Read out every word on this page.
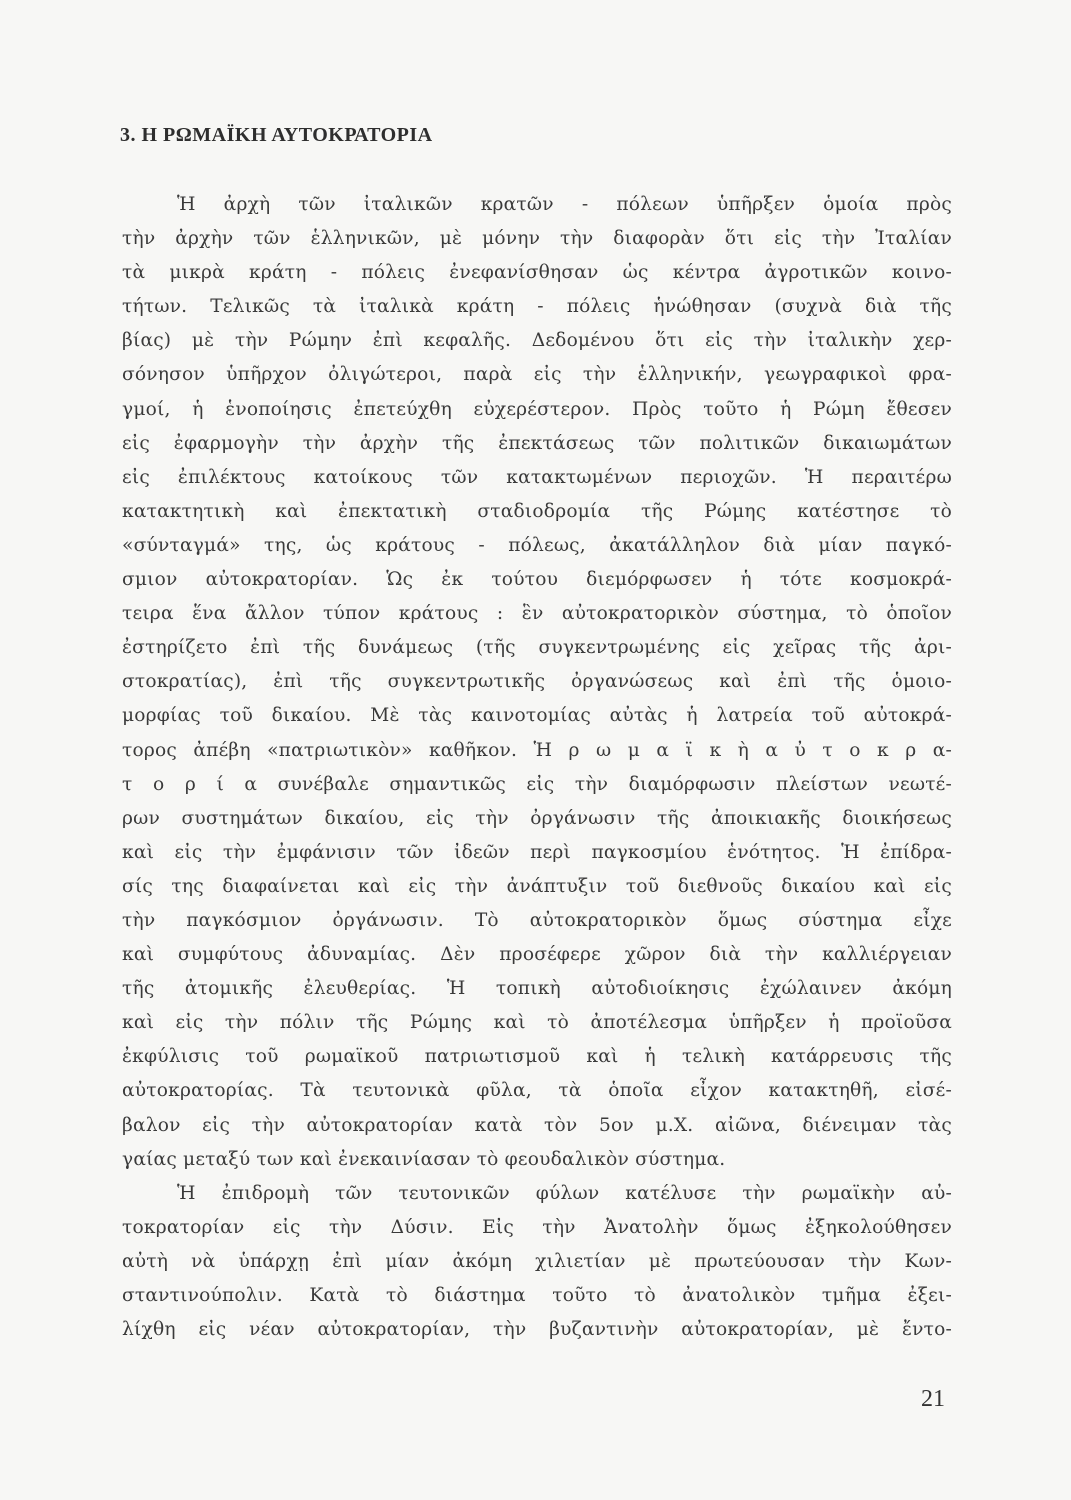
3. Η ΡΩΜΑΪΚΗ ΑΥΤΟΚΡΑΤΟΡΙΑ
Ἡ ἀρχὴ τῶν ἰταλικῶν κρατῶν - πόλεων ὑπῆρξεν ὁμοία πρὸς
τὴν ἀρχὴν τῶν ἑλληνικῶν, μὲ μόνην τὴν διαφορὰν ὅτι εἰς τὴν Ἰταλίαν
τὰ μικρὰ κράτη - πόλεις ἐνεφανίσθησαν ὡς κέντρα ἀγροτικῶν κοινο-
τήτων. Τελικῶς τὰ ἰταλικὰ κράτη - πόλεις ἡνώθησαν (συχνὰ διὰ τῆς
βίας) μὲ τὴν Ρώμην ἐπὶ κεφαλῆς. Δεδομένου ὅτι εἰς τὴν ἰταλικὴν χερ-
σόνησον ὑπῆρχον ὀλιγώτεροι, παρὰ εἰς τὴν ἑλληνικήν, γεωγραφικοὶ φρα-
γμοί, ἡ ἑνοποίησις ἐπετεύχθη εὐχερέστερον. Πρὸς τοῦτο ἡ Ρώμη ἔθεσεν
εἰς ἐφαρμογὴν τὴν ἀρχὴν τῆς ἐπεκτάσεως τῶν πολιτικῶν δικαιωμάτων
εἰς ἐπιλέκτους κατοίκους τῶν κατακτωμένων περιοχῶν. Ἡ περαιτέρω
κατακτητικὴ καὶ ἐπεκτατικὴ σταδιοδρομία τῆς Ρώμης κατέστησε τὸ
«σύνταγμά» της, ὡς κράτους - πόλεως, ἀκατάλληλον διὰ μίαν παγκό-
σμιον αὐτοκρατορίαν. Ὡς ἐκ τούτου διεμόρφωσεν ἡ τότε κοσμοκρά-
τειρα ἕνα ἄλλον τύπον κράτους : ἓν αὐτοκρατορικὸν σύστημα, τὸ ὁποῖον
ἐστηρίζετο ἐπὶ τῆς δυνάμεως (τῆς συγκεντρωμένης εἰς χεῖρας τῆς ἀρι-
στοκρατίας), ἐπὶ τῆς συγκεντρωτικῆς ὀργανώσεως καὶ ἐπὶ τῆς ὁμοιο-
μορφίας τοῦ δικαίου. Μὲ τὰς καινοτομίας αὐτὰς ἡ λατρεία τοῦ αὐτοκρά-
τορος ἀπέβη «πατριωτικὸν» καθῆκον. Ἡ ρ ω μ α ϊ κ ὴ α ὐ τ ο κ ρ α-
τ ο ρ ί α συνέβαλε σημαντικῶς εἰς τὴν διαμόρφωσιν πλείστων νεωτέ-
ρων συστημάτων δικαίου, εἰς τὴν ὀργάνωσιν τῆς ἀποικιακῆς διοικήσεως
καὶ εἰς τὴν ἐμφάνισιν τῶν ἰδεῶν περὶ παγκοσμίου ἑνότητος. Ἡ ἐπίδρα-
σίς της διαφαίνεται καὶ εἰς τὴν ἀνάπτυξιν τοῦ διεθνοῦς δικαίου καὶ εἰς
τὴν παγκόσμιον ὀργάνωσιν. Τὸ αὐτοκρατορικὸν ὅμως σύστημα εἶχε
καὶ συμφύτους ἀδυναμίας. Δὲν προσέφερε χῶρον διὰ τὴν καλλιέργειαν
τῆς ἀτομικῆς ἐλευθερίας. Ἡ τοπικὴ αὐτοδιοίκησις ἐχώλαινεν ἀκόμη
καὶ εἰς τὴν πόλιν τῆς Ρώμης καὶ τὸ ἀποτέλεσμα ὑπῆρξεν ἡ προϊοῦσα
ἐκφύλισις τοῦ ρωμαϊκοῦ πατριωτισμοῦ καὶ ἡ τελικὴ κατάρρευσις τῆς
αὐτοκρατορίας. Τὰ τευτονικὰ φῦλα, τὰ ὁποῖα εἶχον κατακτηθῆ, εἰσέ-
βαλον εἰς τὴν αὐτοκρατορίαν κατὰ τὸν 5ον μ.Χ. αἰῶνα, διένειμαν τὰς
γαίας μεταξύ των καὶ ἐνεκαινίασαν τὸ φεουδαλικὸν σύστημα.
Ἡ ἐπιδρομὴ τῶν τευτονικῶν φύλων κατέλυσε τὴν ρωμαϊκὴν αὐ-
τοκρατορίαν εἰς τὴν Δύσιν. Εἰς τὴν Ἀνατολὴν ὅμως ἐξηκολούθησεν
αὐτὴ νὰ ὑπάρχῃ ἐπὶ μίαν ἀκόμη χιλιετίαν μὲ πρωτεύουσαν τὴν Κων-
σταντινούπολιν. Κατὰ τὸ διάστημα τοῦτο τὸ ἀνατολικὸν τμῆμα ἐξει-
λίχθη εἰς νέαν αὐτοκρατορίαν, τὴν βυζαντινὴν αὐτοκρατορίαν, μὲ ἔντο-
21
